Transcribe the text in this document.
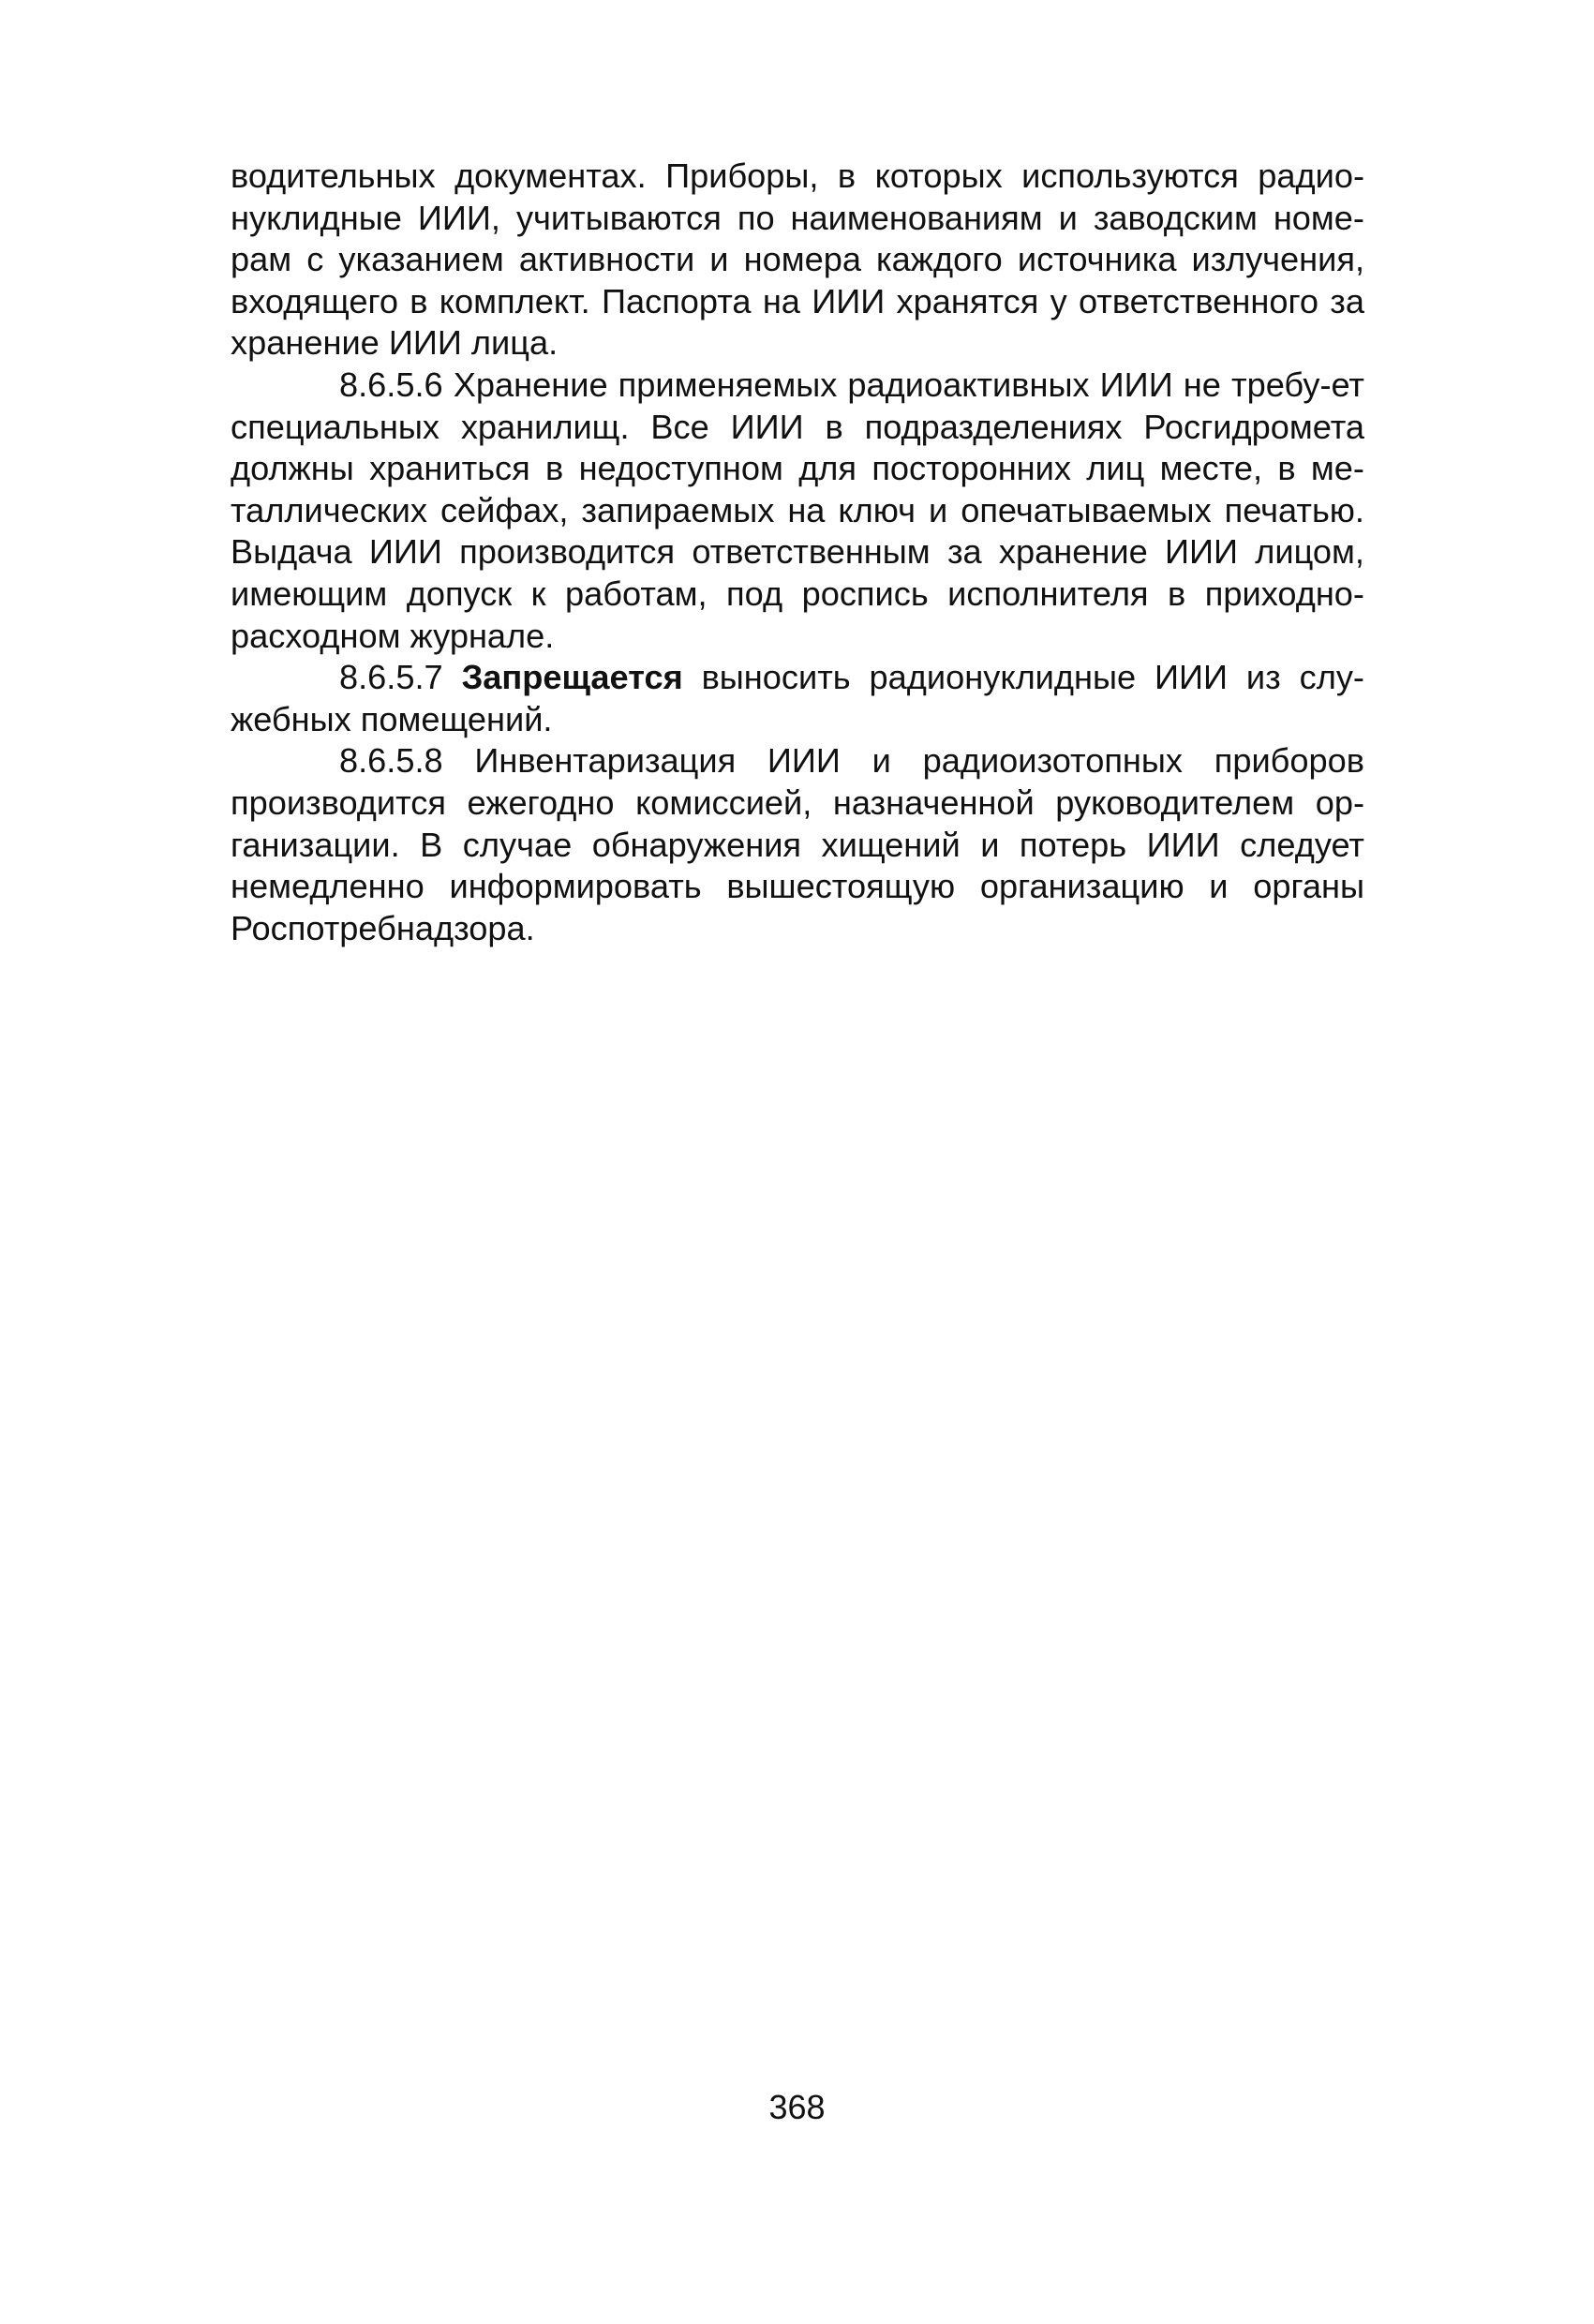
водительных документах. Приборы, в которых используются радио-нуклидные ИИИ, учитываются по наименованиям и заводским номе-рам с указанием активности и номера каждого источника излучения, входящего в комплект. Паспорта на ИИИ хранятся у ответственного за хранение ИИИ лица.

8.6.5.6 Хранение применяемых радиоактивных ИИИ не требу-ет специальных хранилищ. Все ИИИ в подразделениях Росгидромета должны храниться в недоступном для посторонних лиц месте, в ме-таллических сейфах, запираемых на ключ и опечатываемых печатью. Выдача ИИИ производится ответственным за хранение ИИИ лицом, имеющим допуск к работам, под роспись исполнителя в приходно-расходном журнале.

8.6.5.7 Запрещается выносить радионуклидные ИИИ из слу-жебных помещений.

8.6.5.8 Инвентаризация ИИИ и радиоизотопных приборов производится ежегодно комиссией, назначенной руководителем ор-ганизации. В случае обнаружения хищений и потерь ИИИ следует немедленно информировать вышестоящую организацию и органы Роспотребнадзора.

368
